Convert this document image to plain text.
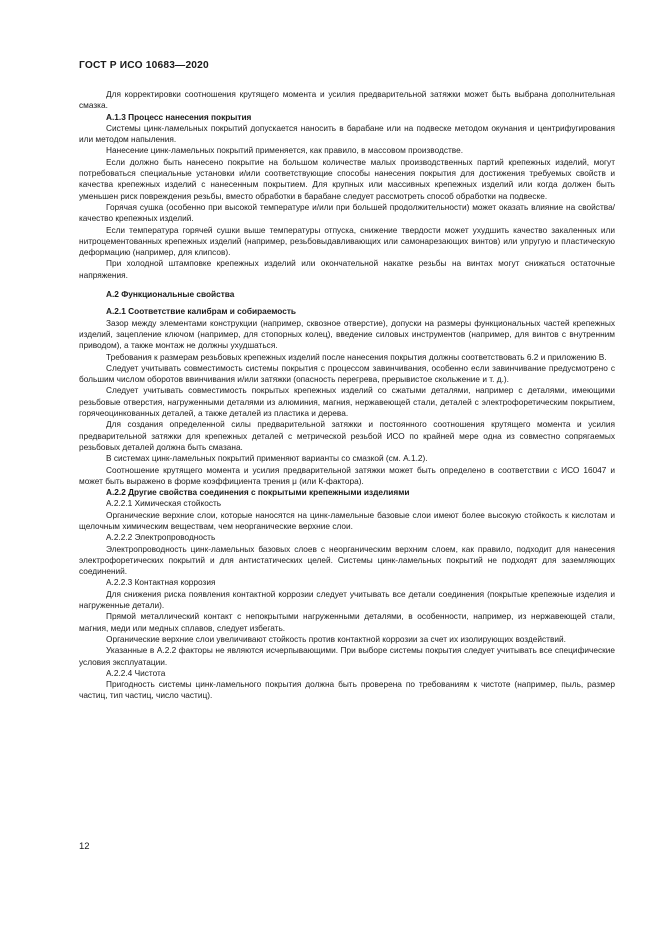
ГОСТ Р ИСО 10683—2020

Для корректировки соотношения крутящего момента и усилия предварительной затяжки может быть выбрана дополнительная смазка.

А.1.3 Процесс нанесения покрытия

Системы цинк-ламельных покрытий допускается наносить в барабане или на подвеске методом окунания и центрифугирования или методом напыления.

Нанесение цинк-ламельных покрытий применяется, как правило, в массовом производстве.

Если должно быть нанесено покрытие на большом количестве малых производственных партий крепежных изделий, могут потребоваться специальные установки и/или соответствующие способы нанесения покрытия для достижения требуемых свойств и качества крепежных изделий с нанесенным покрытием. Для крупных или массивных крепежных изделий или когда должен быть уменьшен риск повреждения резьбы, вместо обработки в барабане следует рассмотреть способ обработки на подвеске.

Горячая сушка (особенно при высокой температуре и/или при большей продолжительности) может оказать влияние на свойства/качество крепежных изделий.

Если температура горячей сушки выше температуры отпуска, снижение твердости может ухудшить качество закаленных или нитроцементованных крепежных изделий (например, резьбовыдавливающих или самонарезающих винтов) или упругую и пластическую деформацию (например, для клипсов).

При холодной штамповке крепежных изделий или окончательной накатке резьбы на винтах могут снижаться остаточные напряжения.

А.2 Функциональные свойства

А.2.1 Соответствие калибрам и собираемость

Зазор между элементами конструкции (например, сквозное отверстие), допуски на размеры функциональных частей крепежных изделий, зацепление ключом (например, для стопорных колец), введение силовых инструментов (например, для винтов с внутренним приводом), а также монтаж не должны ухудшаться.

Требования к размерам резьбовых крепежных изделий после нанесения покрытия должны соответствовать 6.2 и приложению В.

Следует учитывать совместимость системы покрытия с процессом завинчивания, особенно если завинчивание предусмотрено с большим числом оборотов ввинчивания и/или затяжки (опасность перегрева, прерывистое скольжение и т. д.).

Следует учитывать совместимость покрытых крепежных изделий со сжатыми деталями, например с деталями, имеющими резьбовые отверстия, нагруженными деталями из алюминия, магния, нержавеющей стали, деталей с электрофоретическим покрытием, горячеоцинкованных деталей, а также деталей из пластика и дерева.

Для создания определенной силы предварительной затяжки и постоянного соотношения крутящего момента и усилия предварительной затяжки для крепежных деталей с метрической резьбой ИСО по крайней мере одна из совместно сопрягаемых резьбовых деталей должна быть смазана.

В системах цинк-ламельных покрытий применяют варианты со смазкой (см. А.1.2).

Соотношение крутящего момента и усилия предварительной затяжки может быть определено в соответствии с ИСО 16047 и может быть выражено в форме коэффициента трения μ (или К-фактора).

А.2.2 Другие свойства соединения с покрытыми крепежными изделиями

А.2.2.1 Химическая стойкость

Органические верхние слои, которые наносятся на цинк-ламельные базовые слои имеют более высокую стойкость к кислотам и щелочным химическим веществам, чем неорганические верхние слои.

А.2.2.2 Электропроводность

Электропроводность цинк-ламельных базовых слоев с неорганическим верхним слоем, как правило, подходит для нанесения электрофоретических покрытий и для антистатических целей. Системы цинк-ламельных покрытий не подходят для заземляющих соединений.

А.2.2.3 Контактная коррозия

Для снижения риска появления контактной коррозии следует учитывать все детали соединения (покрытые крепежные изделия и нагруженные детали).

Прямой металлический контакт с непокрытыми нагруженными деталями, в особенности, например, из нержавеющей стали, магния, меди или медных сплавов, следует избегать.

Органические верхние слои увеличивают стойкость против контактной коррозии за счет их изолирующих воздействий.

Указанные в А.2.2 факторы не являются исчерпывающими. При выборе системы покрытия следует учитывать все специфические условия эксплуатации.

А.2.2.4 Чистота

Пригодность системы цинк-ламельного покрытия должна быть проверена по требованиям к чистоте (например, пыль, размер частиц, тип частиц, число частиц).

12
